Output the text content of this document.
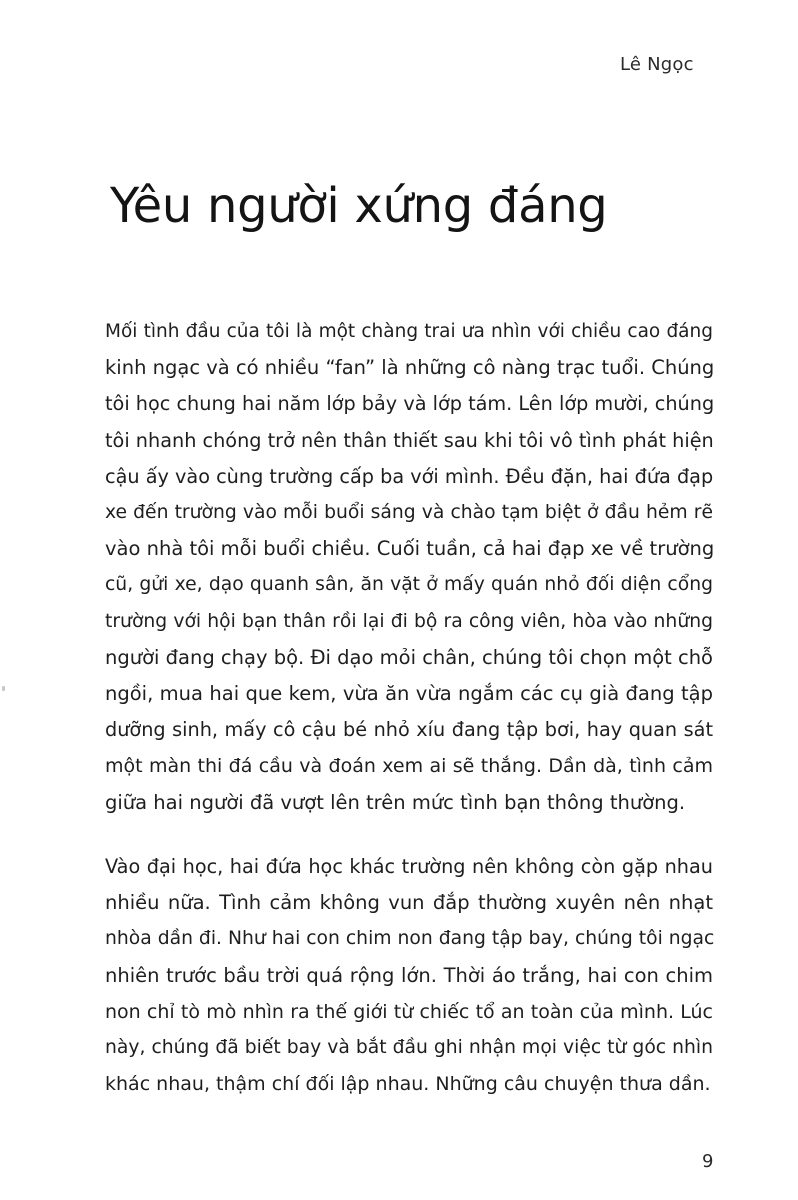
Lê Ngọc
Yêu người xứng đáng
Mối tình đầu của tôi là một chàng trai ưa nhìn với chiều cao đáng
kinh ngạc và có nhiều “fan” là những cô nàng trạc tuổi. Chúng
tôi học chung hai năm lớp bảy và lớp tám. Lên lớp mười, chúng
tôi nhanh chóng trở nên thân thiết sau khi tôi vô tình phát hiện
cậu ấy vào cùng trường cấp ba với mình. Đều đặn, hai đứa đạp
xe đến trường vào mỗi buổi sáng và chào tạm biệt ở đầu hẻm rẽ
vào nhà tôi mỗi buổi chiều. Cuối tuần, cả hai đạp xe về trường
cũ, gửi xe, dạo quanh sân, ăn vặt ở mấy quán nhỏ đối diện cổng
trường với hội bạn thân rồi lại đi bộ ra công viên, hòa vào những
người đang chạy bộ. Đi dạo mỏi chân, chúng tôi chọn một chỗ
ngồi, mua hai que kem, vừa ăn vừa ngắm các cụ già đang tập
dưỡng sinh, mấy cô cậu bé nhỏ xíu đang tập bơi, hay quan sát
một màn thi đá cầu và đoán xem ai sẽ thắng. Dần dà, tình cảm
giữa hai người đã vượt lên trên mức tình bạn thông thường.
Vào đại học, hai đứa học khác trường nên không còn gặp nhau
nhiều nữa. Tình cảm không vun đắp thường xuyên nên nhạt
nhòa dần đi. Như hai con chim non đang tập bay, chúng tôi ngạc
nhiên trước bầu trời quá rộng lớn. Thời áo trắng, hai con chim
non chỉ tò mò nhìn ra thế giới từ chiếc tổ an toàn của mình. Lúc
này, chúng đã biết bay và bắt đầu ghi nhận mọi việc từ góc nhìn
khác nhau, thậm chí đối lập nhau. Những câu chuyện thưa dần.
9
